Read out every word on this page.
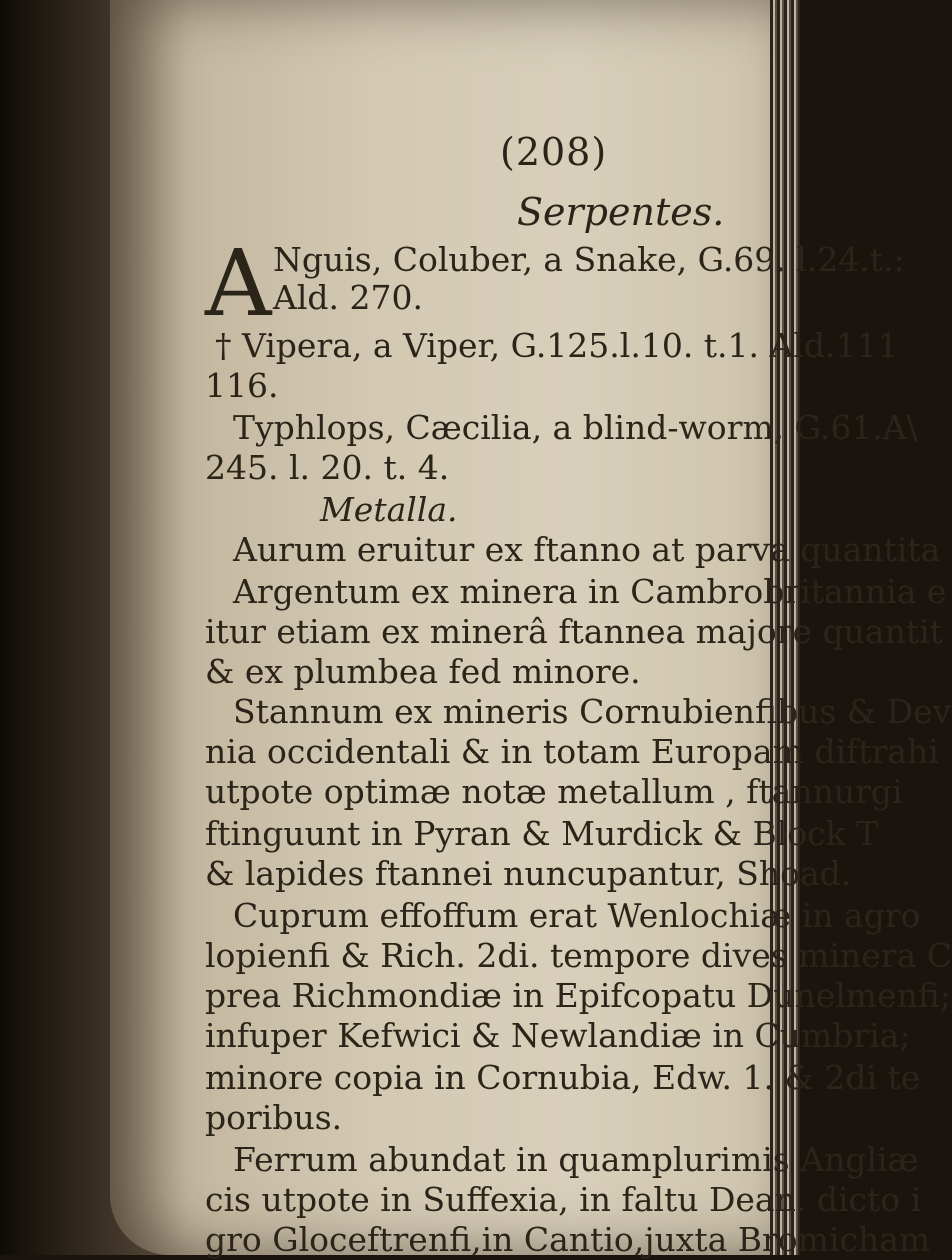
(208)
Serpentes.
A Nguis, Coluber, a Snake, G.69. l.24.t.:
Ald. 270.
† Vipera, a Viper, G.125.l.10. t.1. Ald.111
116.
Typhlops, Cæcilia, a blind-worm, G.61.A\
245. l. 20. t. 4.
Metalla.
Aurum eruitur ex ftanno at parva quantita
Argentum ex minera in Cambrobritannia e
itur etiam ex minerâ ftannea majore quantit
& ex plumbea fed minore.
Stannum ex mineris Cornubienfibus & Dev
nia occidentali & in totam Europam diftrahi
utpote optimæ notæ metallum , ftannurgi
ftinguunt in Pyran & Murdick & Block T
& lapides ftannei nuncupantur, Shoad.
Cuprum effoffum erat Wenlochiæ in agro
lopienfi & Rich. 2di. tempore dives minera C
prea Richmondiæ in Epifcopatu Dunelmenfi;
infuper Kefwici & Newlandiæ in Cumbria;
minore copia in Cornubia, Edw. 1. & 2di te
poribus.
Ferrum abundat in quamplurimis Angliæ
cis utpote in Suffexia, in faltu Dean. dicto i
gro Gloceftrenfi,in Cantio,juxta Bromicham
